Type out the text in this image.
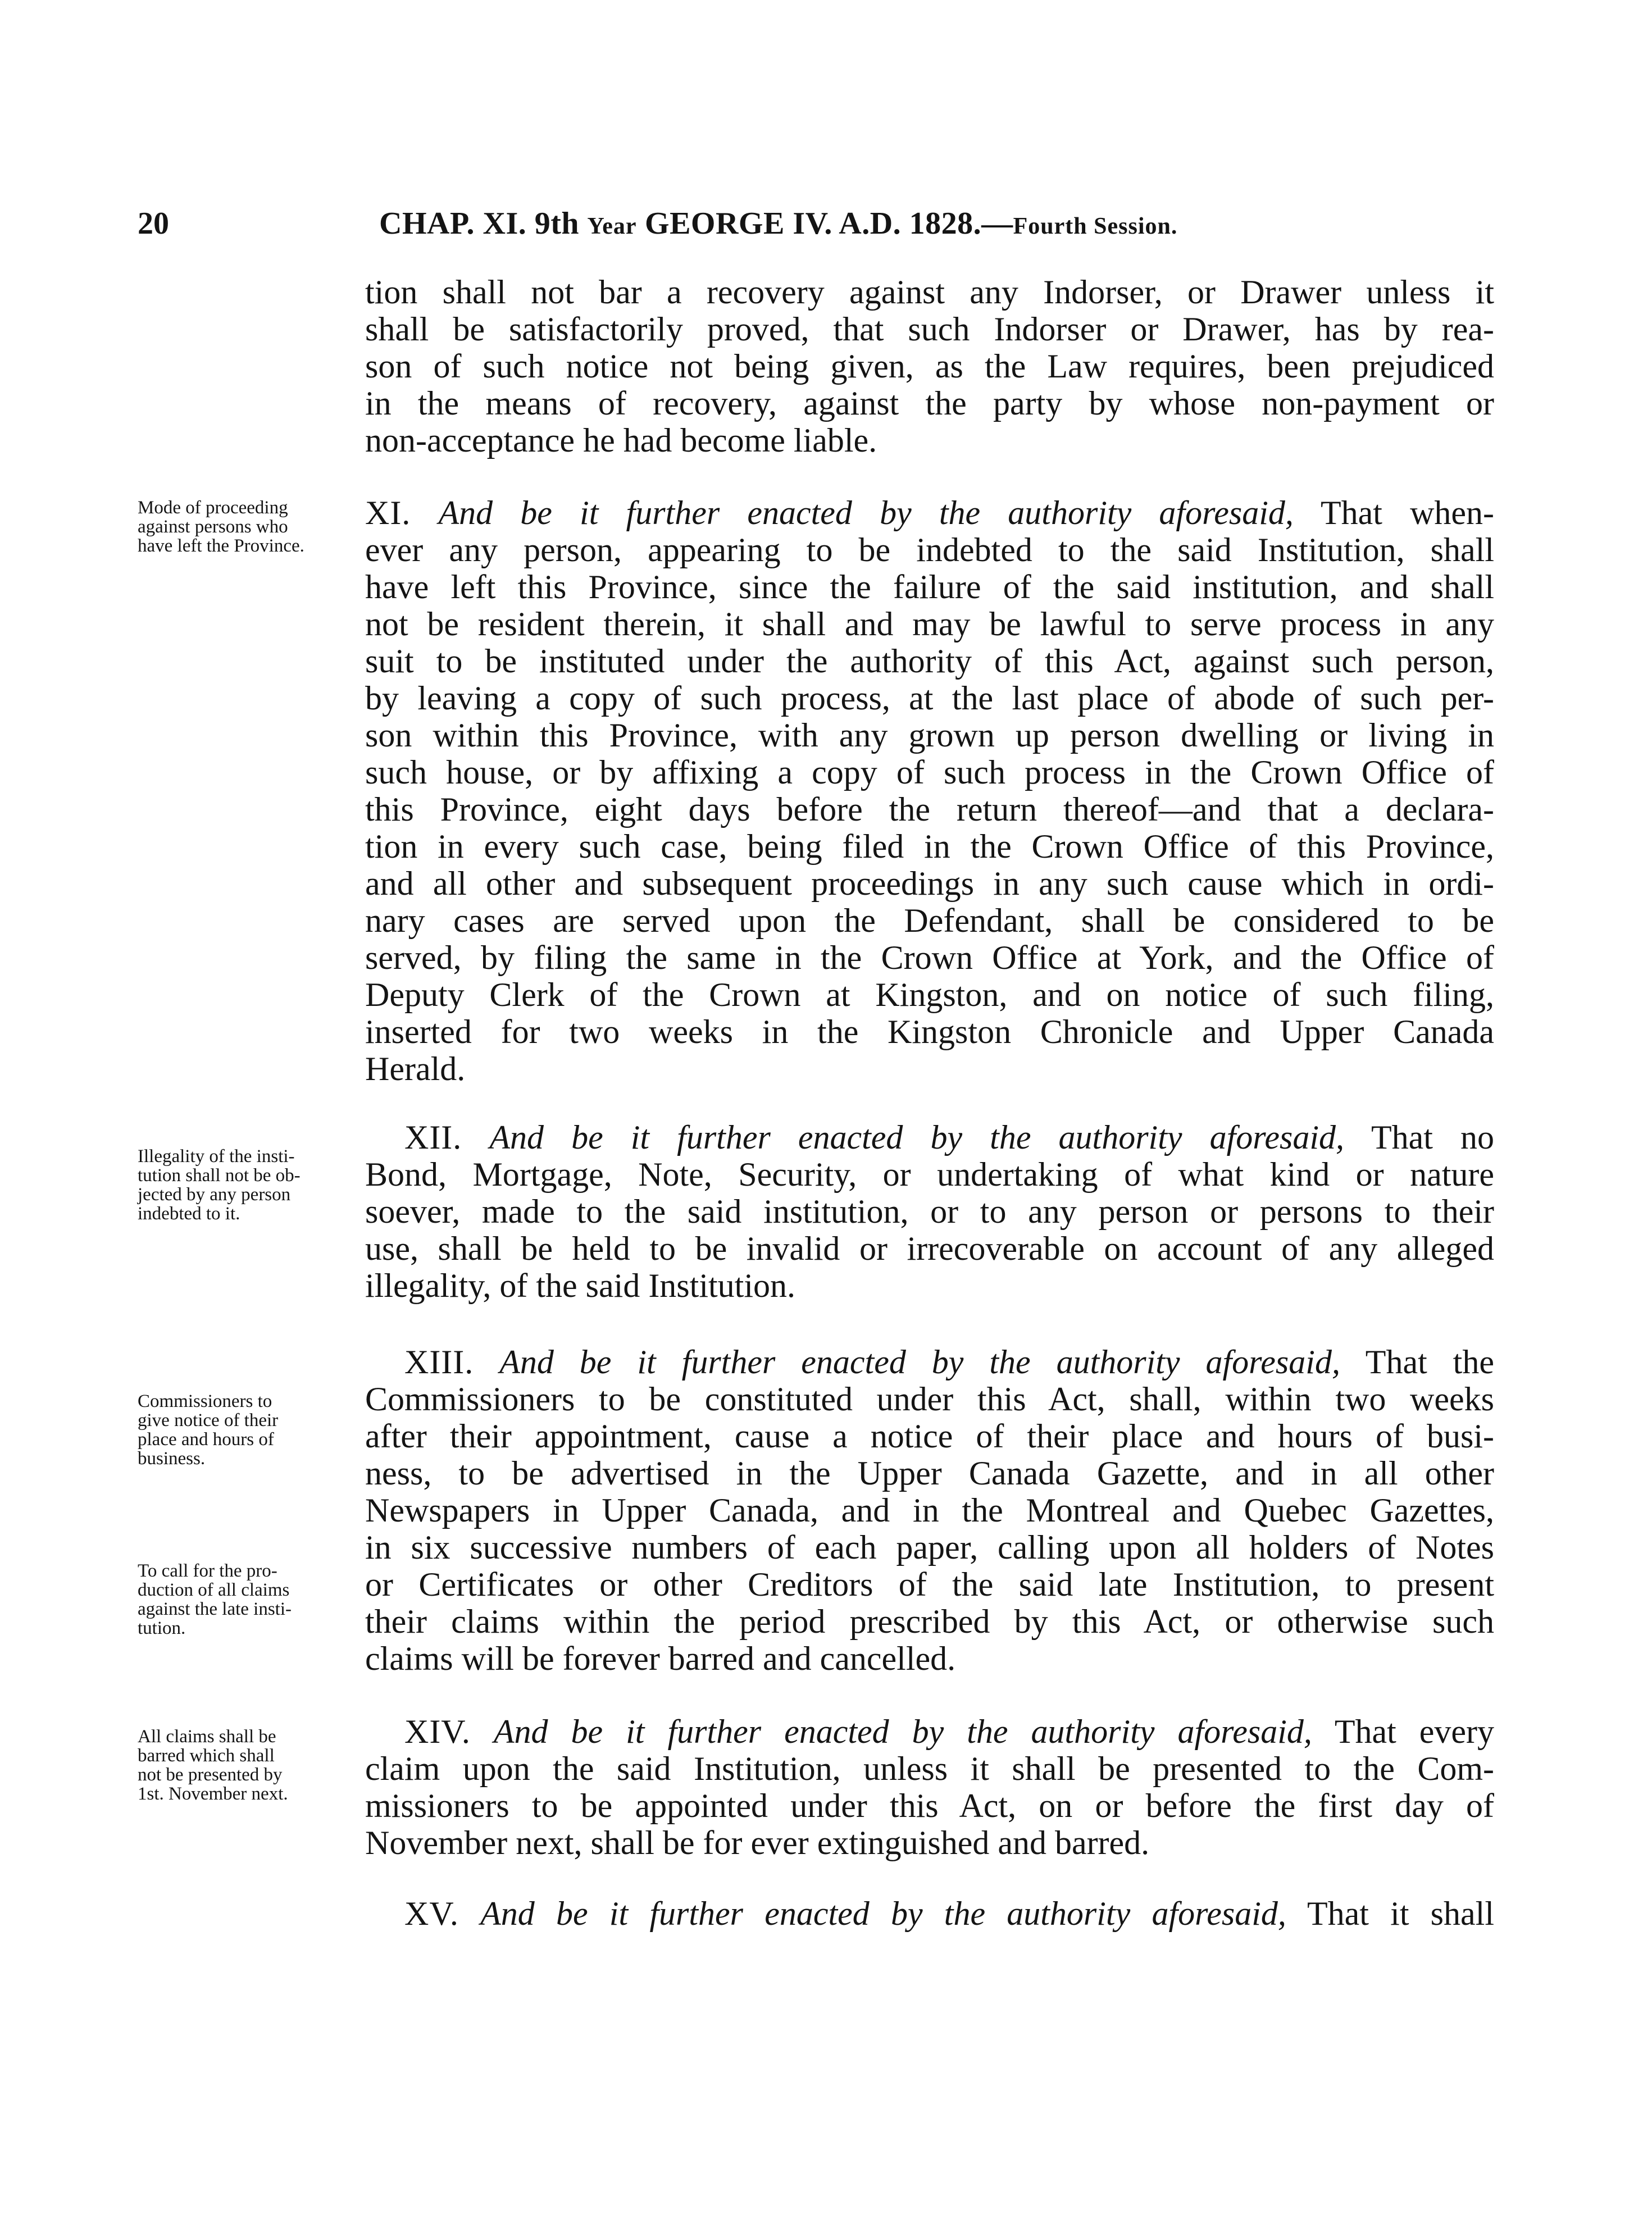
20	CHAP. XI. 9th Year GEORGE IV. A.D. 1828.—Fourth Session.
tion shall not bar a recovery against any Indorser, or Drawer unless it
shall be satisfactorily proved, that such Indorser or Drawer, has by rea-
son of such notice not being given, as the Law requires, been prejudiced
in the means of recovery, against the party by whose non-payment or
non-acceptance he had become liable.
Mode of proceeding
against persons who
have left the Province.
XI. And be it further enacted by the authority aforesaid, That when-
ever any person, appearing to be indebted to the said Institution, shall
have left this Province, since the failure of the said institution, and shall
not be resident therein, it shall and may be lawful to serve process in any
suit to be instituted under the authority of this Act, against such person,
by leaving a copy of such process, at the last place of abode of such per-
son within this Province, with any grown up person dwelling or living in
such house, or by affixing a copy of such process in the Crown Office of
this Province, eight days before the return thereof—and that a declara-
tion in every such case, being filed in the Crown Office of this Province,
and all other and subsequent proceedings in any such cause which in ordi-
nary cases are served upon the Defendant, shall be considered to be
served, by filing the same in the Crown Office at York, and the Office of
Deputy Clerk of the Crown at Kingston, and on notice of such filing,
inserted for two weeks in the Kingston Chronicle and Upper Canada
Herald.
Illegality of the insti-
tution shall not be ob-
jected by any person
indebted to it.
XII. And be it further enacted by the authority aforesaid, That no
Bond, Mortgage, Note, Security, or undertaking of what kind or nature
soever, made to the said institution, or to any person or persons to their
use, shall be held to be invalid or irrecoverable on account of any alleged
illegality, of the said Institution.
Commissioners to
give notice of their
place and hours of
business.
XIII. And be it further enacted by the authority aforesaid, That the
Commissioners to be constituted under this Act, shall, within two weeks
after their appointment, cause a notice of their place and hours of busi-
ness, to be advertised in the Upper Canada Gazette, and in all other
Newspapers in Upper Canada, and in the Montreal and Quebec Gazettes,
in six successive numbers of each paper, calling upon all holders of Notes
or Certificates or other Creditors of the said late Institution, to present
their claims within the period prescribed by this Act, or otherwise such
claims will be forever barred and cancelled.
To call for the pro-
duction of all claims
against the late insti-
tution.
All claims shall be
barred which shall
not be presented by
1st. November next.
XIV. And be it further enacted by the authority aforesaid, That every
claim upon the said Institution, unless it shall be presented to the Com-
missioners to be appointed under this Act, on or before the first day of
November next, shall be for ever extinguished and barred.
XV. And be it further enacted by the authority aforesaid, That it shall
